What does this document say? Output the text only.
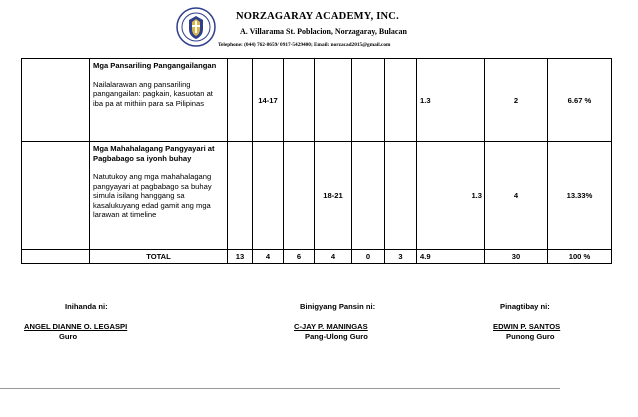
NORZAGARAY ACADEMY, INC.
A. Villarama St. Poblacion, Norzagaray, Bulacan
Telephone: (044) 762-8659/ 0917-5429400; Email: norzacad2015@gmail.com

	Mga Pansariling Pangangailangan
Nailalarawan ang pansariling pangangailan: pagkain, kasuotan at iba pa at mithiin para sa Pilipinas		14-17					1.3	2	6.67 %

	Mga Mahahalagang Pangyayari at Pagbabago sa iyonh buhay
Natutukoy ang mga mahahalagang pangyayari at pagbabago sa buhay simula isilang hanggang sa kasalukuyang edad gamit ang mga larawan at timeline				18-21			1.3	4	13.33%
	TOTAL	13	4	6	4	0	3	4.9	30	100 %
Inihanda ni:
ANGEL DIANNE O. LEGASPI
Guro
Binigyang Pansin ni:
C-JAY P. MANINGAS
Pang-Ulong Guro
Pinagtibay ni:
EDWIN P. SANTOS
Punong Guro
